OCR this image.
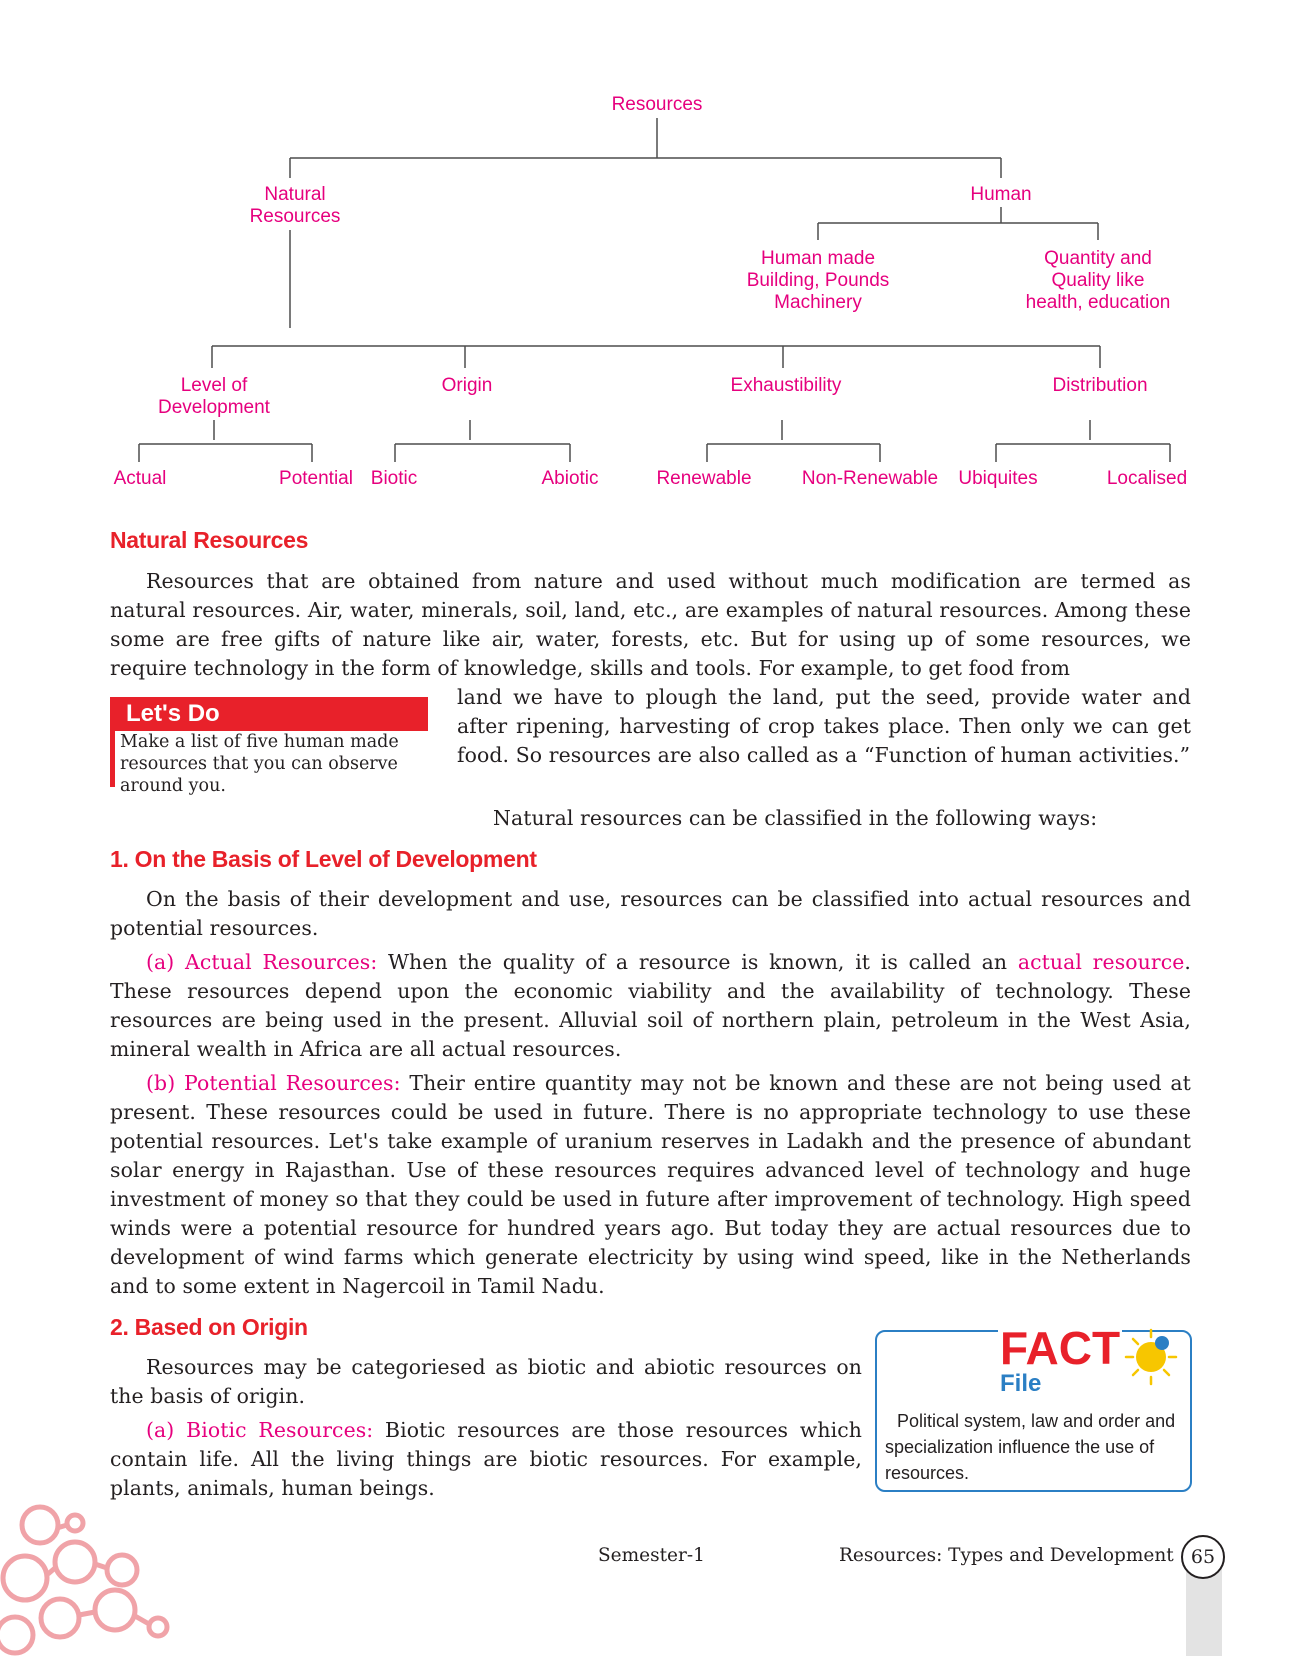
Resources
Natural
Resources
Human
Human made
Building, Pounds
Machinery
Quantity and
Quality like
health, education
Level of
Development
Origin	Exhaustibility	Distribution
Actual	Potential Biotic	Abiotic	Renewable	Non-Renewable	Ubiquites	Localised
Natural Resources

Resources that are obtained from nature and used without much modification are termed as natural resources. Air, water, minerals, soil, land, etc., are examples of natural resources. Among these some are free gifts of nature like air, water, forests, etc. But for using up of some resources, we require technology in the form of knowledge, skills and tools. For example, to get food from

land we have to plough the land, put the seed, provide water and after ripening, harvesting of crop takes place. Then only we can get food. So resources are also called as a “Function of human activities.”

Natural resources can be classified in the following ways:

Let's Do
Make a list of five human made resources that you can observe around you.
1. On the Basis of Level of Development

On the basis of their development and use, resources can be classified into actual resources and potential resources.

(a) Actual Resources: When the quality of a resource is known, it is called an actual resource. These resources depend upon the economic viability and the availability of technology. These resources are being used in the present. Alluvial soil of northern plain, petroleum in the West Asia, mineral wealth in Africa are all actual resources.

(b) Potential Resources: Their entire quantity may not be known and these are not being used at present. These resources could be used in future. There is no appropriate technology to use these potential resources. Let's take example of uranium reserves in Ladakh and the presence of abundant solar energy in Rajasthan. Use of these resources requires advanced level of technology and huge investment of money so that they could be used in future after improvement of technology. High speed winds were a potential resource for hundred years ago. But today they are actual resources due to development of wind farms which generate electricity by using wind speed, like in the Netherlands and to some extent in Nagercoil in Tamil Nadu.

2. Based on Origin

Resources may be categoriesed as biotic and abiotic resources on the basis of origin.

(a) Biotic Resources: Biotic resources are those resources which contain life. All the living things are biotic resources. For example, plants, animals, human beings.

FACT
File
Political system, law and order and specialization influence the use of resources.
Semester-1	Resources: Types and Development 65
